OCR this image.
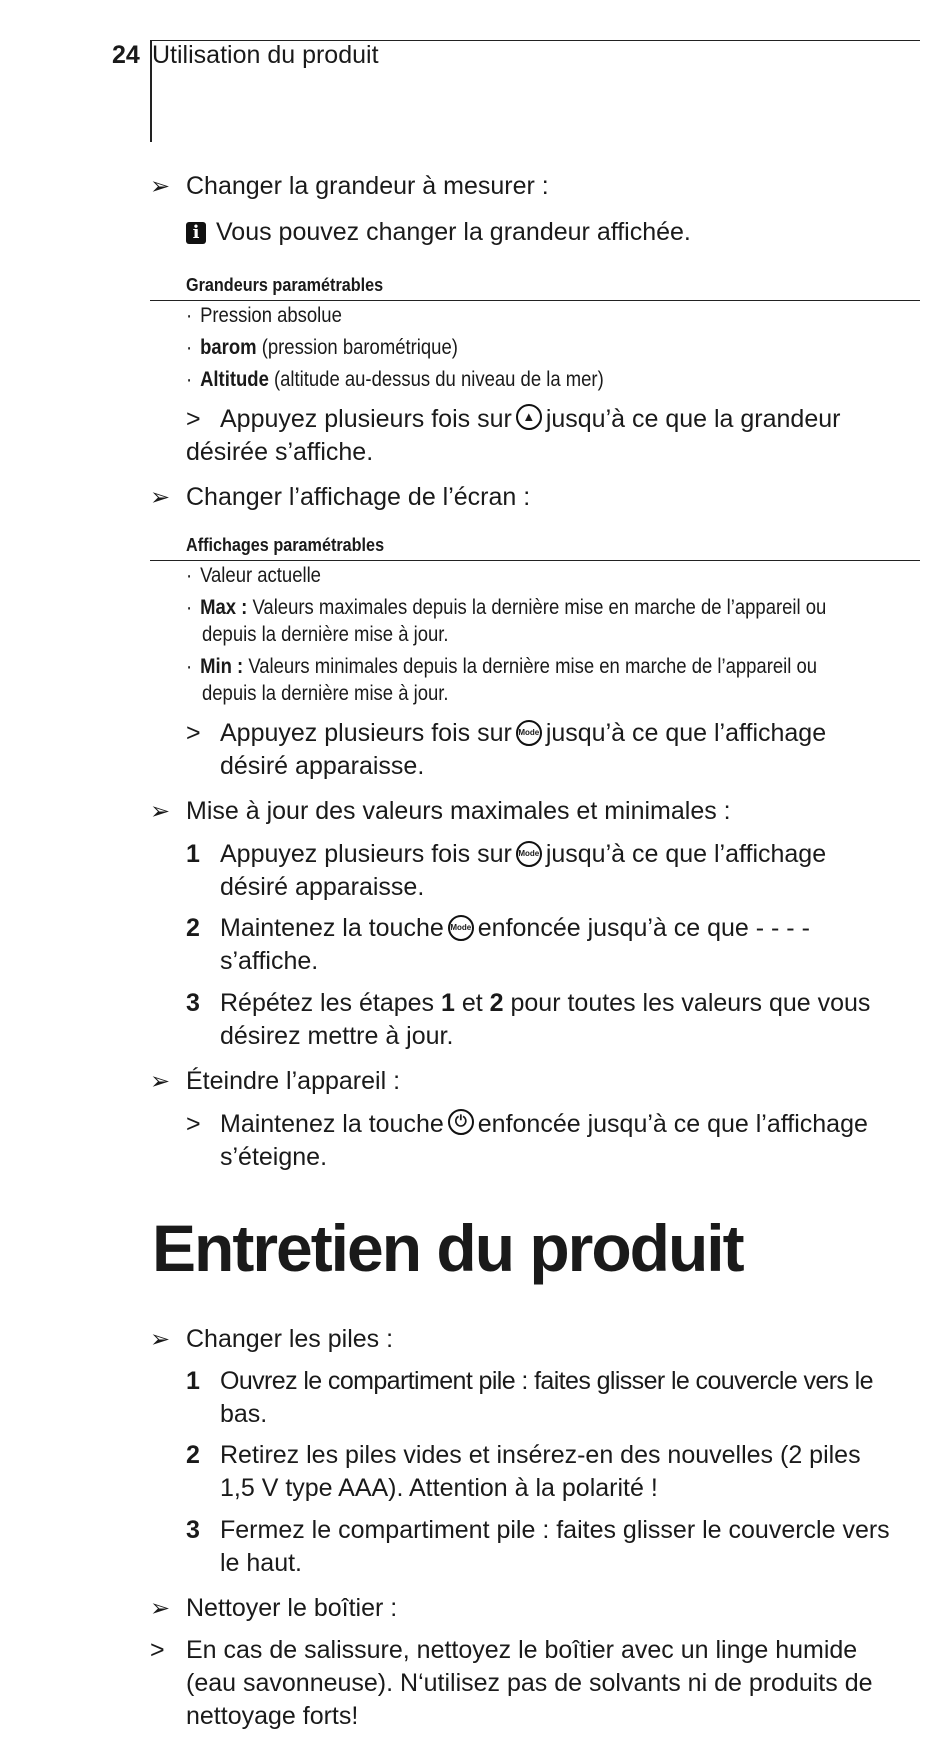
24 Utilisation du produit
➢ Changer la grandeur à mesurer :
i Vous pouvez changer la grandeur affichée.
Grandeurs paramétrables
· Pression absolue
· barom (pression barométrique)
· Altitude (altitude au-dessus du niveau de la mer)
> Appuyez plusieurs fois sur ▲ jusqu’à ce que la grandeur
désirée s’affiche.
➢ Changer l’affichage de l’écran :
Affichages paramétrables
· Valeur actuelle
· Max : Valeurs maximales depuis la dernière mise en marche de l’appareil ou
depuis la dernière mise à jour.
· Min : Valeurs minimales depuis la dernière mise en marche de l’appareil ou
depuis la dernière mise à jour.
> Appuyez plusieurs fois sur Mode jusqu’à ce que l’affichage
désiré apparaisse.
➢ Mise à jour des valeurs maximales et minimales :
1 Appuyez plusieurs fois sur Mode jusqu’à ce que l’affichage
désiré apparaisse.
2 Maintenez la touche Mode enfoncée jusqu’à ce que - - - -
s’affiche.
3 Répétez les étapes 1 et 2 pour toutes les valeurs que vous
désirez mettre à jour.
➢ Éteindre l’appareil :
> Maintenez la touche ⏻ enfoncée jusqu’à ce que l’affichage
s’éteigne.
Entretien du produit
➢ Changer les piles :
1 Ouvrez le compartiment pile : faites glisser le couvercle vers le
bas.
2 Retirez les piles vides et insérez-en des nouvelles (2 piles
1,5 V type AAA). Attention à la polarité !
3 Fermez le compartiment pile : faites glisser le couvercle vers
le haut.
➢ Nettoyer le boîtier :
> En cas de salissure, nettoyez le boîtier avec un linge humide
(eau savonneuse). N‘utilisez pas de solvants ni de produits de
nettoyage forts!
